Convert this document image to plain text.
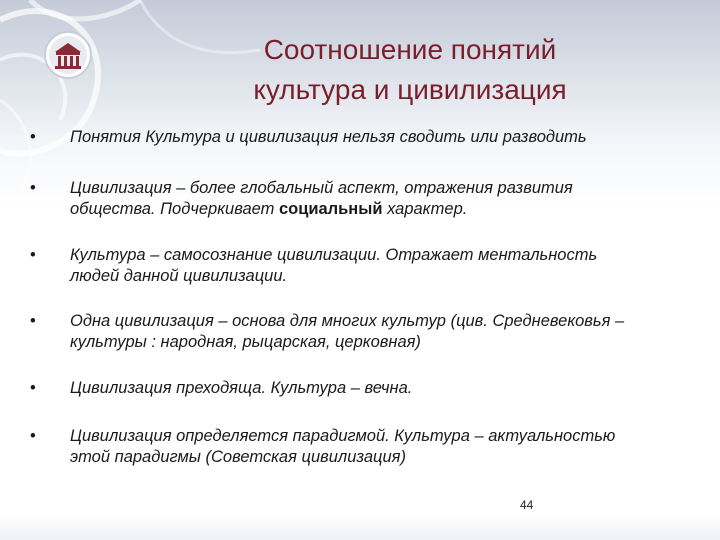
Соотношение понятий
культура и цивилизация
•	Понятия Культура и цивилизация нельзя сводить или разводить
•	Цивилизация – более глобальный аспект, отражения развития
общества. Подчеркивает социальный характер.
•	Культура – самосознание цивилизации. Отражает ментальность
людей данной цивилизации.
•	Одна цивилизация – основа для многих культур (цив. Средневековья –
культуры : народная, рыцарская, церковная)
•	Цивилизация преходяща. Культура – вечна.
•	Цивилизация определяется парадигмой. Культура – актуальностью
этой парадигмы (Советская цивилизация)
44
